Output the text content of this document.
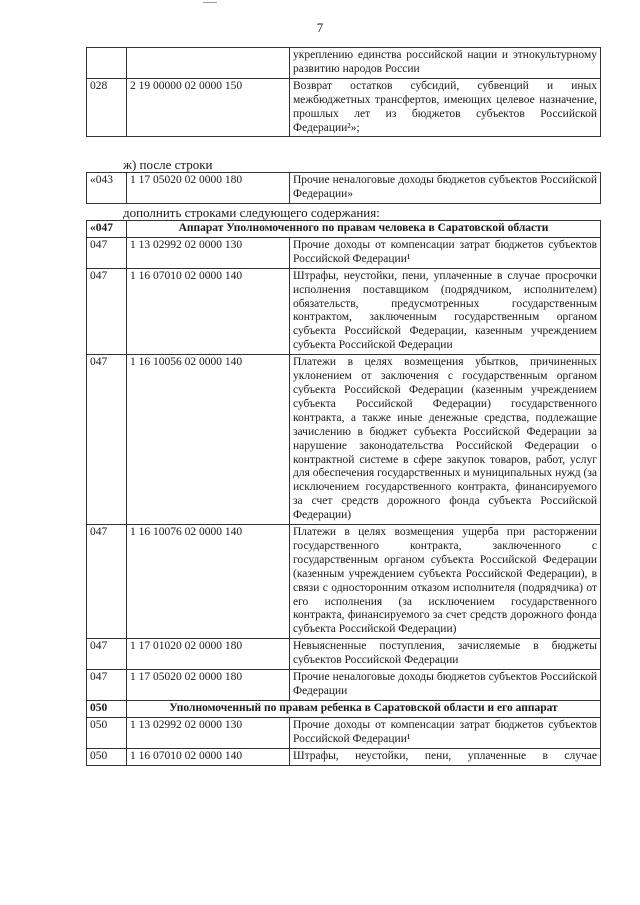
7
		укреплению единства российской нации и этнокультурному развитию народов России
028	2 19 00000 02 0000 150	Возврат остатков субсидий, субвенций и иных межбюджетных трансфертов, имеющих целевое назначение, прошлых лет из бюджетов субъектов Российской Федерации²»;
ж) после строки
«043	1 17 05020 02 0000 180	Прочие неналоговые доходы бюджетов субъектов Российской Федерации»
дополнить строками следующего содержания:
«047	Аппарат Уполномоченного по правам человека в Саратовской области	
047	1 13 02992 02 0000 130	Прочие доходы от компенсации затрат бюджетов субъектов Российской Федерации¹
047	1 16 07010 02 0000 140	Штрафы, неустойки, пени, уплаченные в случае просрочки исполнения поставщиком (подрядчиком, исполнителем) обязательств, предусмотренных государственным контрактом, заключенным государственным органом субъекта Российской Федерации, казенным учреждением субъекта Российской Федерации
047	1 16 10056 02 0000 140	Платежи в целях возмещения убытков, причиненных уклонением от заключения с государственным органом субъекта Российской Федерации (казенным учреждением субъекта Российской Федерации) государственного контракта, а также иные денежные средства, подлежащие зачислению в бюджет субъекта Российской Федерации за нарушение законодательства Российской Федерации о контрактной системе в сфере закупок товаров, работ, услуг для обеспечения государственных и муниципальных нужд (за исключением государственного контракта, финансируемого за счет средств дорожного фонда субъекта Российской Федерации)
047	1 16 10076 02 0000 140	Платежи в целях возмещения ущерба при расторжении государственного контракта, заключенного с государственным органом субъекта Российской Федерации (казенным учреждением субъекта Российской Федерации), в связи с односторонним отказом исполнителя (подрядчика) от его исполнения (за исключением государственного контракта, финансируемого за счет средств дорожного фонда субъекта Российской Федерации)
047	1 17 01020 02 0000 180	Невыясненные поступления, зачисляемые в бюджеты субъектов Российской Федерации
047	1 17 05020 02 0000 180	Прочие неналоговые доходы бюджетов субъектов Российской Федерации
050	Уполномоченный по правам ребенка в Саратовской области и его аппарат	
050	1 13 02992 02 0000 130	Прочие доходы от компенсации затрат бюджетов субъектов Российской Федерации¹
050	1 16 07010 02 0000 140	Штрафы, неустойки, пени, уплаченные в случае
